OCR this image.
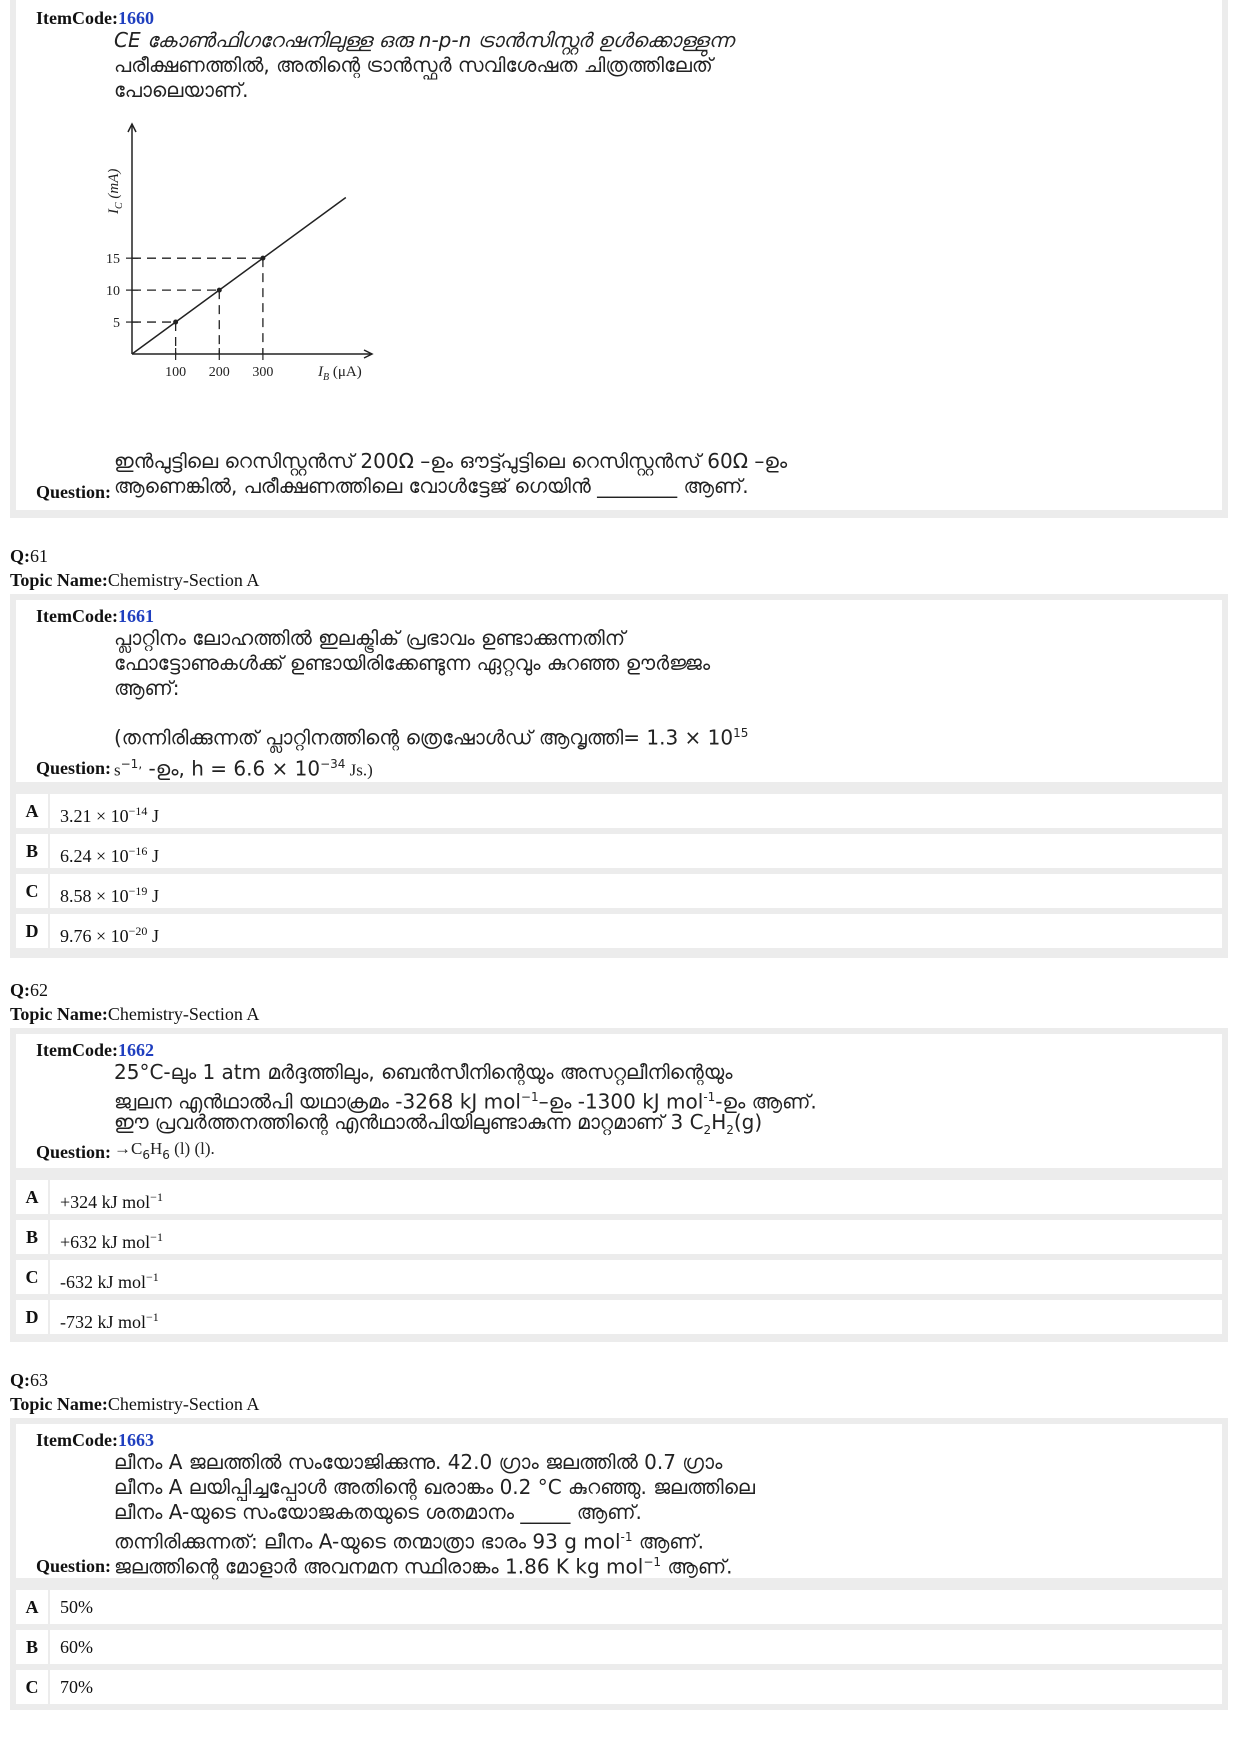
ItemCode:1660
CE കോൺഫിഗറേഷനിലുള്ള ഒരു n-p-n ട്രാൻസിസ്റ്റർ ഉൾക്കൊള്ളുന്ന
പരീക്ഷണത്തിൽ, അതിന്റെ ട്രാൻസ്ഫർ സവിശേഷത ചിത്രത്തിലേത്
പോലെയാണ്.
100
5
200
10
300
15
$I_B$ (μA)
$I_C$ (mA)
ഇൻപുട്ടിലെ റെസിസ്റ്റൻസ് 200Ω –ഉം ഔട്ട്പുട്ടിലെ റെസിസ്റ്റൻസ് 60Ω –ഉം
Question: ആണെങ്കിൽ, പരീക്ഷണത്തിലെ വോൾട്ടേജ് ഗെയിൻ ________ ആണ്.
Q:61
Topic Name:Chemistry-Section A
ItemCode:1661
പ്ലാറ്റിനം ലോഹത്തിൽ ഇലക്ട്രിക് പ്രഭാവം ഉണ്ടാക്കുന്നതിന്
ഫോട്ടോണുകൾക്ക് ഉണ്ടായിരിക്കേണ്ടുന്ന ഏറ്റവും കുറഞ്ഞ ഊർജ്ജം
ആണ്:
(തന്നിരിക്കുന്നത് പ്ലാറ്റിനത്തിന്റെ ത്രെഷോൾഡ് ആവൃത്തി= $1.3 \times 10^{15}$
Question: $s^{-1,}$ -ഉം, $h = 6.6 \times 10^{-34}$ Js.)
A	$3.21 \times 10^{-14}$ J
B	$6.24 \times 10^{-16}$ J
C	$8.58 \times 10^{-19}$ J
D	$9.76 \times 10^{-20}$ J
Q:62
Topic Name:Chemistry-Section A
ItemCode:1662
25°C-ലും 1 atm മർദ്ദത്തിലും, ബെൻസീനിന്റെയും അസറ്റലീനിന്റെയും
ജ്വലന എൻഥാൽപി യഥാക്രമം -3268 kJ mol$^{-1}$–ഉം -1300 kJ mol$^{-1}$-ഉം ആണ്.
ഈ പ്രവർത്തനത്തിന്റെ എൻഥാൽപിയിലുണ്ടാകുന്ന മാറ്റമാണ് 3 $C_2H_2(g)$
Question: $\to C_6H_6$ (l) (l).
A	+324 kJ mol$^{-1}$
B	+632 kJ mol$^{-1}$
C	-632 kJ mol$^{-1}$
D	-732 kJ mol$^{-1}$
Q:63
Topic Name:Chemistry-Section A
ItemCode:1663
ലീനം A ജലത്തിൽ സംയോജിക്കുന്നു. 42.0 ഗ്രാം ജലത്തിൽ 0.7 ഗ്രാം
ലീനം A ലയിപ്പിച്ചപ്പോൾ അതിന്റെ ഖരാങ്കം 0.2 °C കുറഞ്ഞു. ജലത്തിലെ
ലീനം A-യുടെ സംയോജകതയുടെ ശതമാനം _____ ആണ്.
തന്നിരിക്കുന്നത്: ലീനം A-യുടെ തന്മാത്രാ ഭാരം 93 g mol$^{-1}$ ആണ്.
Question: ജലത്തിന്റെ മോളാർ അവനമന സ്ഥിരാങ്കം 1.86 K kg mol$^{-1}$ ആണ്.
A	50%
B	60%
C	70%
